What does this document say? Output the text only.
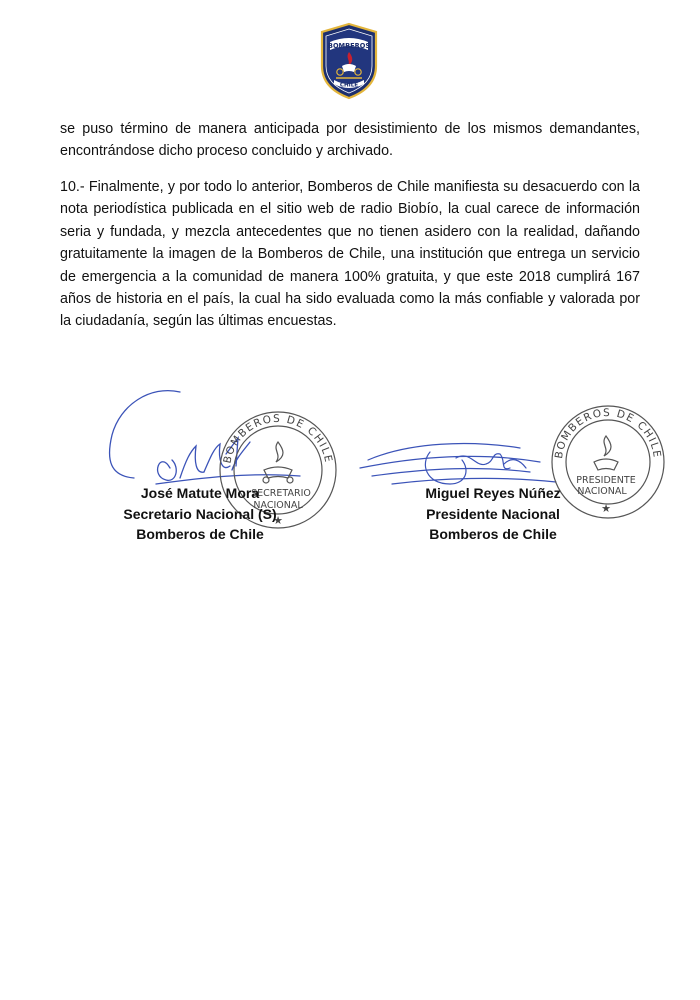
BOMBEROS
CHILE

se puso término de manera anticipada por desistimiento de los mismos demandantes, encontrándose dicho proceso concluido y archivado.

10.- Finalmente, y por todo lo anterior, Bomberos de Chile manifiesta su desacuerdo con la nota periodística publicada en el sitio web de radio Biobío, la cual carece de información seria y fundada, y mezcla antecedentes que no tienen asidero con la realidad, dañando gratuitamente la imagen de la Bomberos de Chile, una institución que entrega un servicio de emergencia a la comunidad de manera 100% gratuita, y que este 2018 cumplirá 167 años de historia en el país, la cual ha sido evaluada como la más confiable y valorada por la ciudadanía, según las últimas encuestas.

BOMBEROS DE CHILE
SECRETARIO
NACIONAL
★
BOMBEROS DE CHILE
PRESIDENTE
NACIONAL
★
José Matute Mora
Secretario Nacional (S)
Bomberos de Chile
Miguel Reyes Núñez
Presidente Nacional
Bomberos de Chile
